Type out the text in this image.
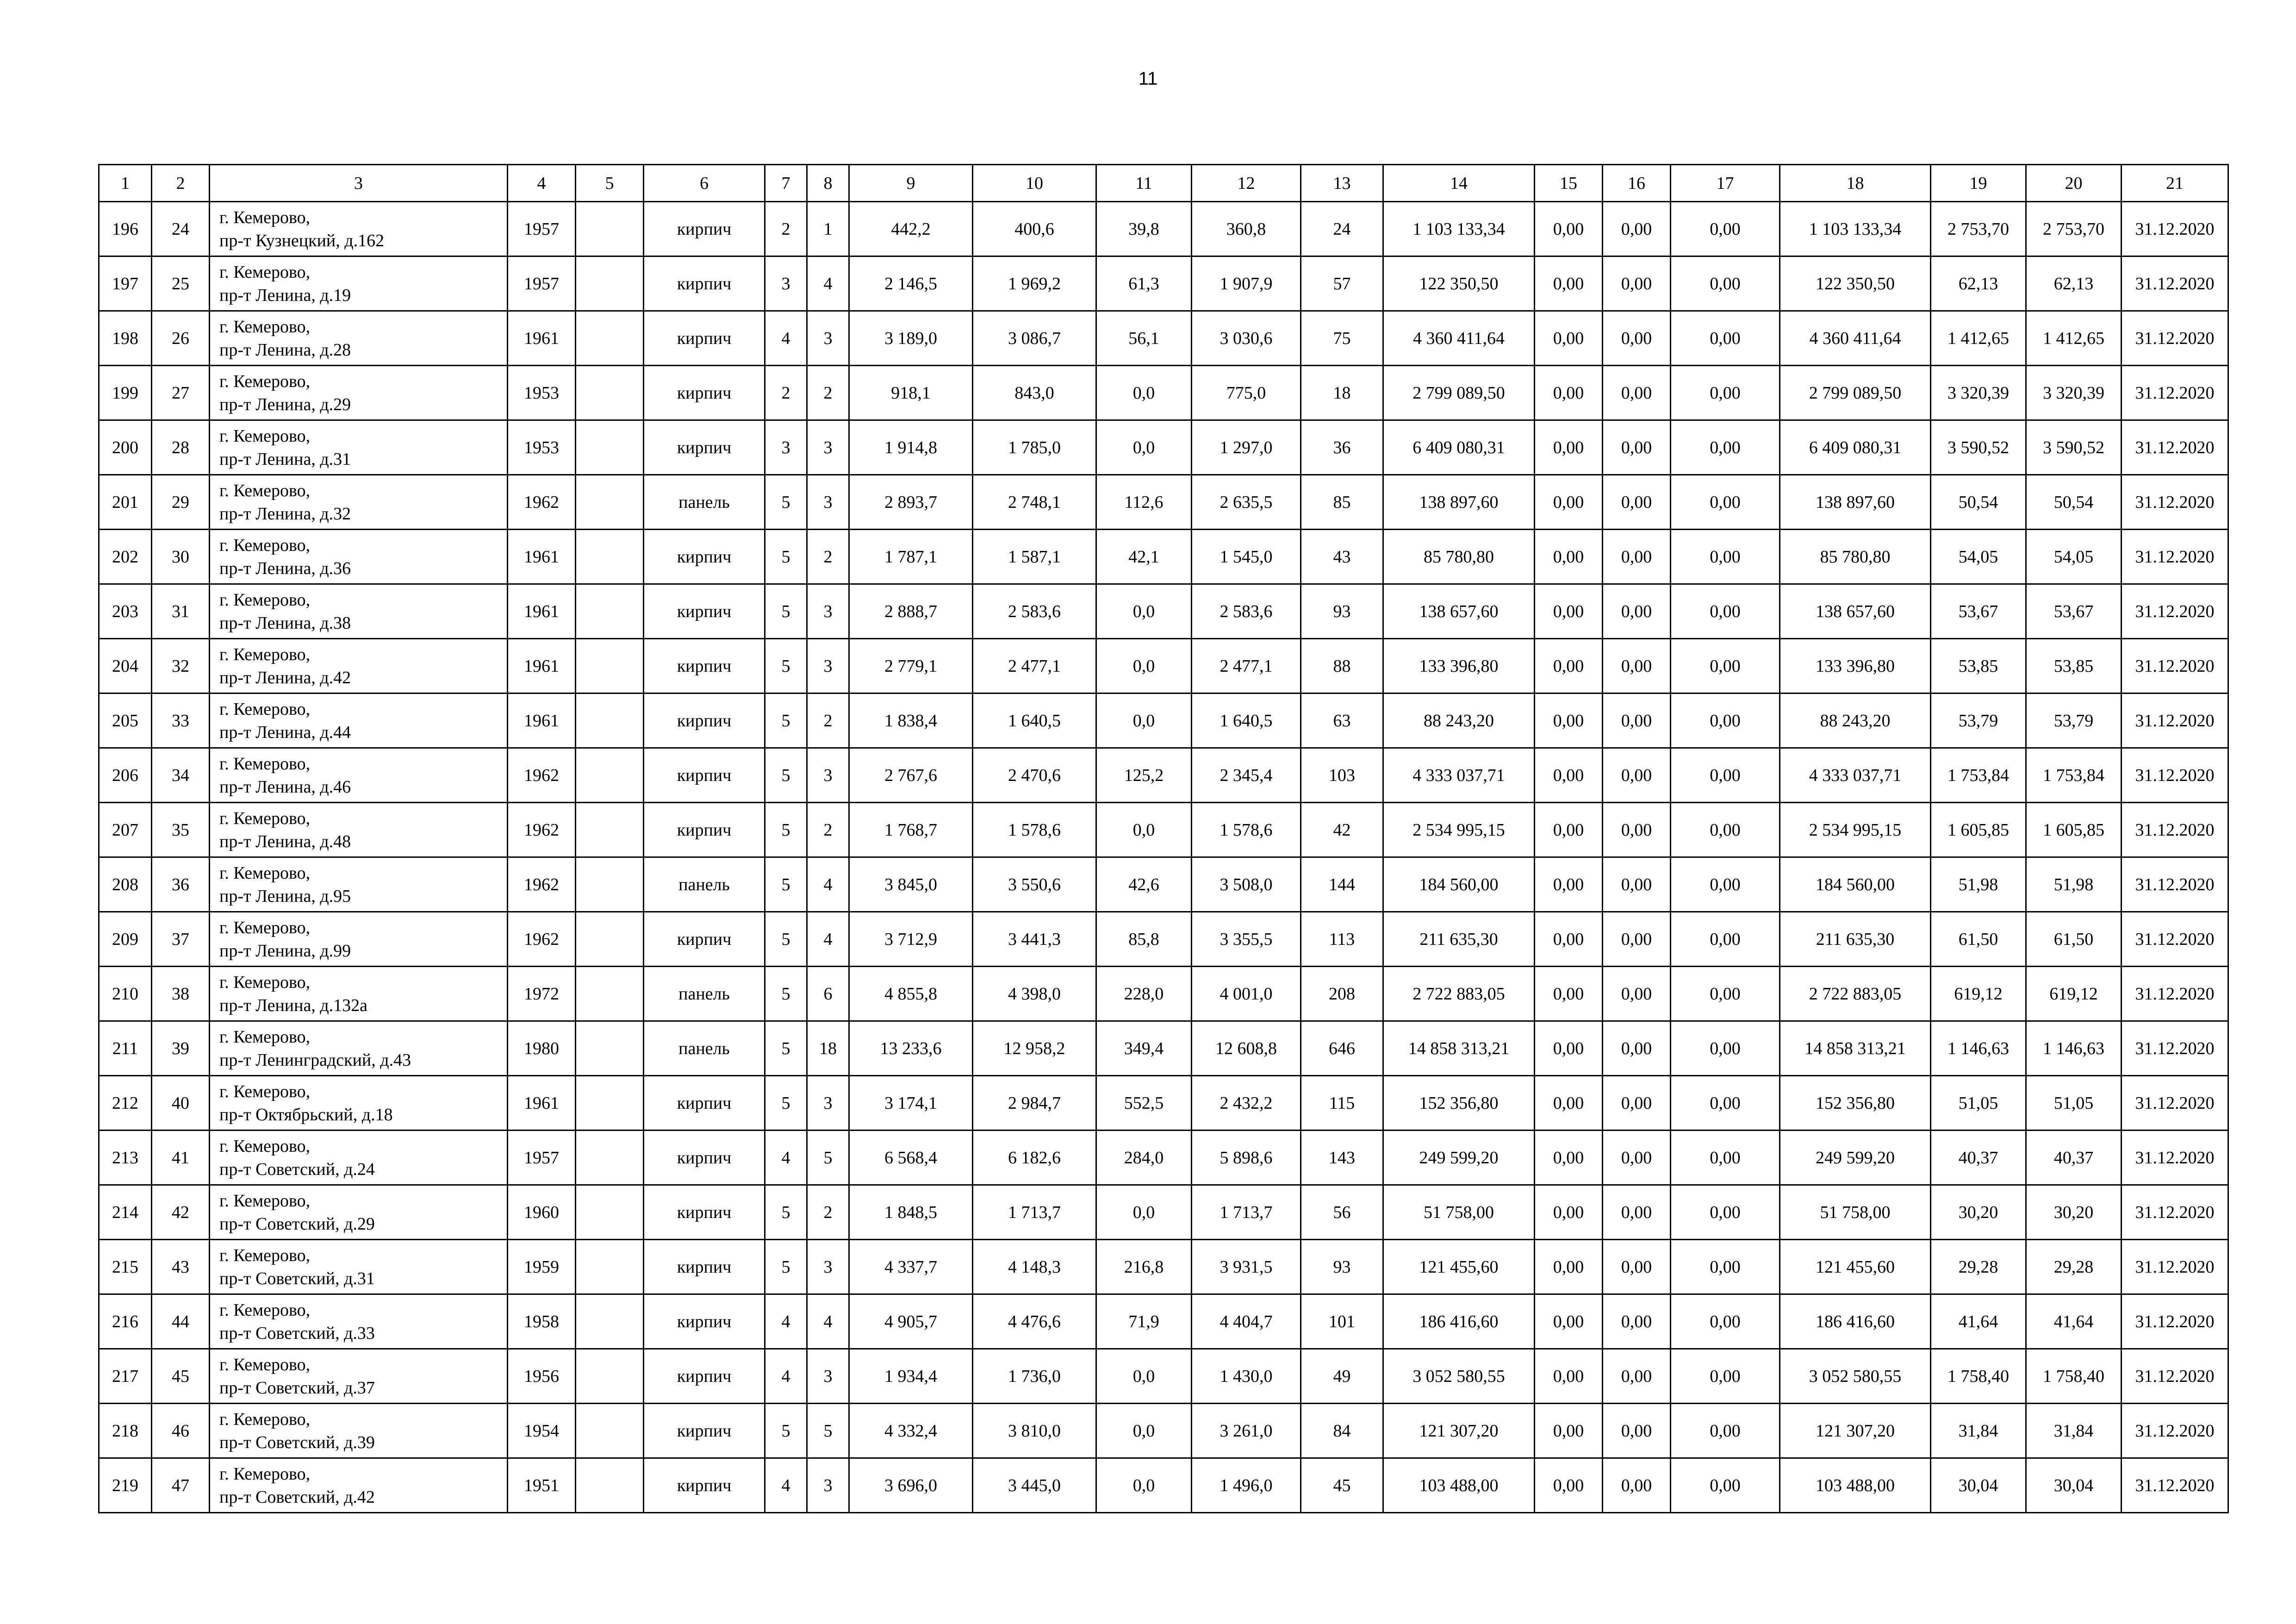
11
1	2	3	4	5	6	7	8	9	10	11	12	13	14	15	16	17	18	19	20	21
196	24	г. Кемерово,
пр-т Кузнецкий, д.162	1957		кирпич	2	1	442,2	400,6	39,8	360,8	24	1 103 133,34	0,00	0,00	0,00	1 103 133,34	2 753,70	2 753,70	31.12.2020
197	25	г. Кемерово,
пр-т Ленина, д.19	1957		кирпич	3	4	2 146,5	1 969,2	61,3	1 907,9	57	122 350,50	0,00	0,00	0,00	122 350,50	62,13	62,13	31.12.2020
198	26	г. Кемерово,
пр-т Ленина, д.28	1961		кирпич	4	3	3 189,0	3 086,7	56,1	3 030,6	75	4 360 411,64	0,00	0,00	0,00	4 360 411,64	1 412,65	1 412,65	31.12.2020
199	27	г. Кемерово,
пр-т Ленина, д.29	1953		кирпич	2	2	918,1	843,0	0,0	775,0	18	2 799 089,50	0,00	0,00	0,00	2 799 089,50	3 320,39	3 320,39	31.12.2020
200	28	г. Кемерово,
пр-т Ленина, д.31	1953		кирпич	3	3	1 914,8	1 785,0	0,0	1 297,0	36	6 409 080,31	0,00	0,00	0,00	6 409 080,31	3 590,52	3 590,52	31.12.2020
201	29	г. Кемерово,
пр-т Ленина, д.32	1962		панель	5	3	2 893,7	2 748,1	112,6	2 635,5	85	138 897,60	0,00	0,00	0,00	138 897,60	50,54	50,54	31.12.2020
202	30	г. Кемерово,
пр-т Ленина, д.36	1961		кирпич	5	2	1 787,1	1 587,1	42,1	1 545,0	43	85 780,80	0,00	0,00	0,00	85 780,80	54,05	54,05	31.12.2020
203	31	г. Кемерово,
пр-т Ленина, д.38	1961		кирпич	5	3	2 888,7	2 583,6	0,0	2 583,6	93	138 657,60	0,00	0,00	0,00	138 657,60	53,67	53,67	31.12.2020
204	32	г. Кемерово,
пр-т Ленина, д.42	1961		кирпич	5	3	2 779,1	2 477,1	0,0	2 477,1	88	133 396,80	0,00	0,00	0,00	133 396,80	53,85	53,85	31.12.2020
205	33	г. Кемерово,
пр-т Ленина, д.44	1961		кирпич	5	2	1 838,4	1 640,5	0,0	1 640,5	63	88 243,20	0,00	0,00	0,00	88 243,20	53,79	53,79	31.12.2020
206	34	г. Кемерово,
пр-т Ленина, д.46	1962		кирпич	5	3	2 767,6	2 470,6	125,2	2 345,4	103	4 333 037,71	0,00	0,00	0,00	4 333 037,71	1 753,84	1 753,84	31.12.2020
207	35	г. Кемерово,
пр-т Ленина, д.48	1962		кирпич	5	2	1 768,7	1 578,6	0,0	1 578,6	42	2 534 995,15	0,00	0,00	0,00	2 534 995,15	1 605,85	1 605,85	31.12.2020
208	36	г. Кемерово,
пр-т Ленина, д.95	1962		панель	5	4	3 845,0	3 550,6	42,6	3 508,0	144	184 560,00	0,00	0,00	0,00	184 560,00	51,98	51,98	31.12.2020
209	37	г. Кемерово,
пр-т Ленина, д.99	1962		кирпич	5	4	3 712,9	3 441,3	85,8	3 355,5	113	211 635,30	0,00	0,00	0,00	211 635,30	61,50	61,50	31.12.2020
210	38	г. Кемерово,
пр-т Ленина, д.132а	1972		панель	5	6	4 855,8	4 398,0	228,0	4 001,0	208	2 722 883,05	0,00	0,00	0,00	2 722 883,05	619,12	619,12	31.12.2020
211	39	г. Кемерово,
пр-т Ленинградский, д.43	1980		панель	5	18	13 233,6	12 958,2	349,4	12 608,8	646	14 858 313,21	0,00	0,00	0,00	14 858 313,21	1 146,63	1 146,63	31.12.2020
212	40	г. Кемерово,
пр-т Октябрьский, д.18	1961		кирпич	5	3	3 174,1	2 984,7	552,5	2 432,2	115	152 356,80	0,00	0,00	0,00	152 356,80	51,05	51,05	31.12.2020
213	41	г. Кемерово,
пр-т Советский, д.24	1957		кирпич	4	5	6 568,4	6 182,6	284,0	5 898,6	143	249 599,20	0,00	0,00	0,00	249 599,20	40,37	40,37	31.12.2020
214	42	г. Кемерово,
пр-т Советский, д.29	1960		кирпич	5	2	1 848,5	1 713,7	0,0	1 713,7	56	51 758,00	0,00	0,00	0,00	51 758,00	30,20	30,20	31.12.2020
215	43	г. Кемерово,
пр-т Советский, д.31	1959		кирпич	5	3	4 337,7	4 148,3	216,8	3 931,5	93	121 455,60	0,00	0,00	0,00	121 455,60	29,28	29,28	31.12.2020
216	44	г. Кемерово,
пр-т Советский, д.33	1958		кирпич	4	4	4 905,7	4 476,6	71,9	4 404,7	101	186 416,60	0,00	0,00	0,00	186 416,60	41,64	41,64	31.12.2020
217	45	г. Кемерово,
пр-т Советский, д.37	1956		кирпич	4	3	1 934,4	1 736,0	0,0	1 430,0	49	3 052 580,55	0,00	0,00	0,00	3 052 580,55	1 758,40	1 758,40	31.12.2020
218	46	г. Кемерово,
пр-т Советский, д.39	1954		кирпич	5	5	4 332,4	3 810,0	0,0	3 261,0	84	121 307,20	0,00	0,00	0,00	121 307,20	31,84	31,84	31.12.2020
219	47	г. Кемерово,
пр-т Советский, д.42	1951		кирпич	4	3	3 696,0	3 445,0	0,0	1 496,0	45	103 488,00	0,00	0,00	0,00	103 488,00	30,04	30,04	31.12.2020
